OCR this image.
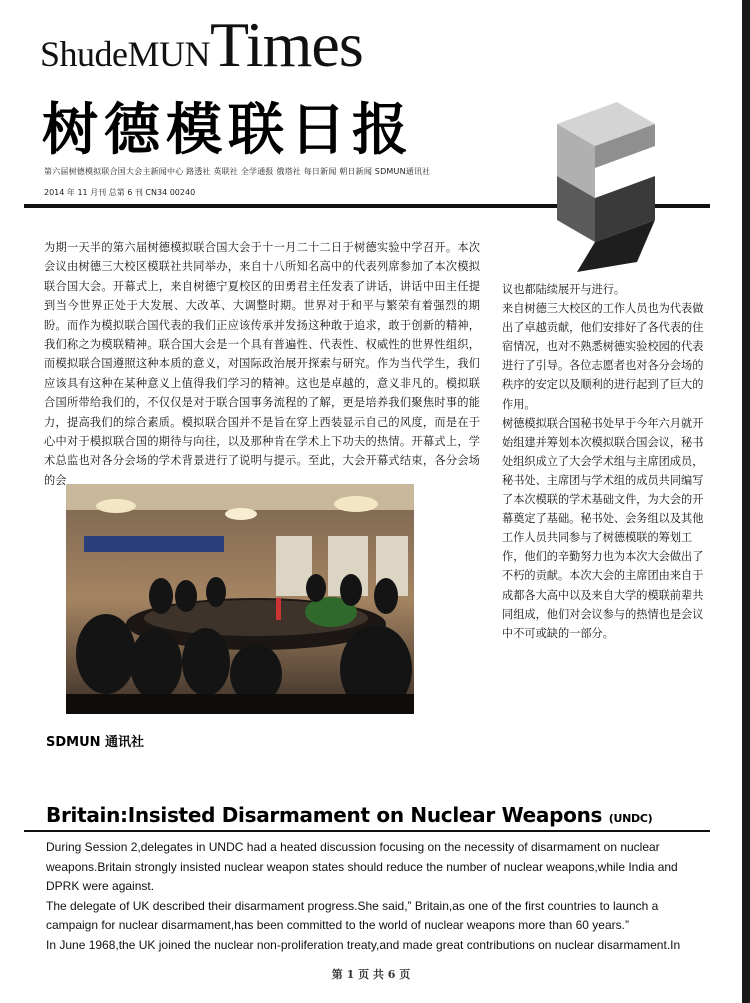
ShudeMUNTimes
树德模联日报
第六届树德模拟联合国大会主新闻中心 路透社 英联社 全学通报 俄塔社 每日新闻 朝日新闻 SDMUN通讯社
2014 年 11 月刊 总第 6 刊 CN34 00240

为期一天半的第六届树德模拟联合国大会于十一月二十二日于树德实验中学召开。本次会议由树德三大校区模联社共同举办，来自十八所知名高中的代表列席参加了本次模拟联合国大会。开幕式上，来自树德宁夏校区的田勇君主任发表了讲话，讲话中田主任提到当今世界正处于大发展、大改革、大调整时期。世界对于和平与繁荣有着强烈的期盼。而作为模拟联合国代表的我们正应该传承并发扬这种敢于追求，敢于创新的精神，我们称之为模联精神。联合国大会是一个具有普遍性、代表性、权威性的世界性组织，而模拟联合国遵照这种本质的意义，对国际政治展开探索与研究。作为当代学生，我们应该具有这种在某种意义上值得我们学习的精神。这也是卓越的，意义非凡的。模拟联合国所带给我们的，不仅仅是对于联合国事务流程的了解，更是培养我们聚焦时事的能力，提高我们的综合素质。模拟联合国并不是旨在穿上西装显示自己的风度，而是在于心中对于模拟联合国的期待与向往，以及那种肯在学术上下功夫的热情。开幕式上，学术总监也对各分会场的学术背景进行了说明与提示。至此，大会开幕式结束，各分会场的会

议也都陆续展开与进行。

来自树德三大校区的工作人员也为代表做出了卓越贡献，他们安排好了各代表的住宿情况，也对不熟悉树德实验校园的代表进行了引导。各位志愿者也对各分会场的秩序的安定以及顺利的进行起到了巨大的作用。

树德模拟联合国秘书处早于今年六月就开始组建并筹划本次模拟联合国会议，秘书处组织成立了大会学术组与主席团成员，秘书处、主席团与学术组的成员共同编写了本次模联的学术基础文件，为大会的开幕奠定了基础。秘书处、会务组以及其他工作人员共同参与了树德模联的筹划工作，他们的辛勤努力也为本次大会做出了不朽的贡献。本次大会的主席团由来自于成都各大高中以及来自大学的模联前辈共同组成，他们对会议参与的热情也是会议中不可或缺的一部分。

SDMUN 通讯社
Britain:Insisted Disarmament on Nuclear Weapons (UNDC)

During Session 2,delegates in UNDC had a heated discussion focusing on the necessity of disarmament on nuclear weapons.Britain strongly insisted nuclear weapon states should reduce the number of nuclear weapons,while India and DPRK were against.

The delegate of UK described their disarmament progress.She said,” Britain,as one of the first countries to launch a campaign for nuclear disarmament,has been committed to the world of nuclear weapons more than 60 years.”

In June 1968,the UK joined the nuclear non-proliferation treaty,and made great contributions on nuclear disarmament.In

第 1 页 共 6 页
